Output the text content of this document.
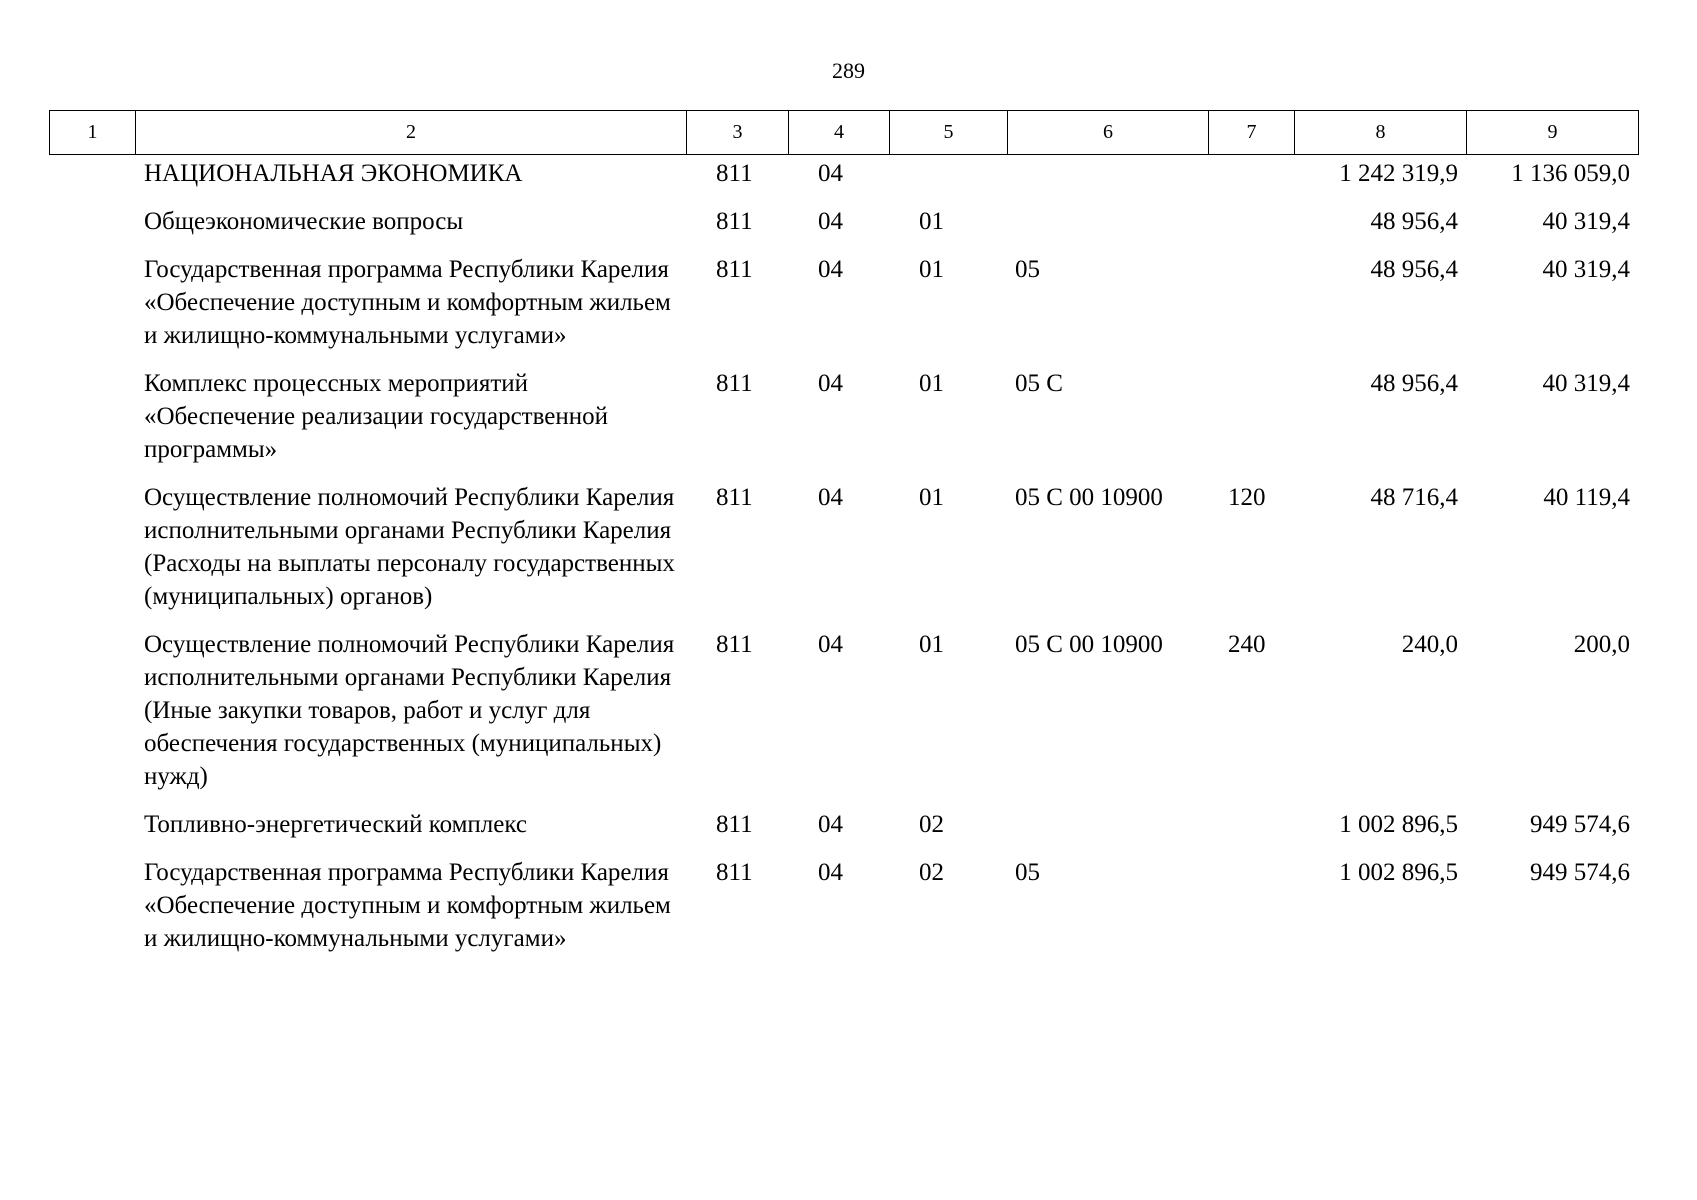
289
1	2	3	4	5	6	7	8	9
	НАЦИОНАЛЬНАЯ ЭКОНОМИКА	811	04				1 242 319,9	1 136 059,0
	Общеэкономические вопросы	811	04	01			48 956,4	40 319,4
	Государственная программа Республики Карелия «Обеспечение доступным и комфортным жильем и жилищно-коммунальными услугами»	811	04	01	05		48 956,4	40 319,4
	Комплекс процессных мероприятий «Обеспечение реализации государственной программы»	811	04	01	05 С		48 956,4	40 319,4
	Осуществление полномочий Республики Карелия исполнительными органами Республики Карелия (Расходы на выплаты персоналу государственных (муниципальных) органов)	811	04	01	05 С 00 10900	120	48 716,4	40 119,4
	Осуществление полномочий Республики Карелия исполнительными органами Республики Карелия (Иные закупки товаров, работ и услуг для обеспечения государственных (муниципальных) нужд)	811	04	01	05 С 00 10900	240	240,0	200,0
	Топливно-энергетический комплекс	811	04	02			1 002 896,5	949 574,6
	Государственная программа Республики Карелия «Обеспечение доступным и комфортным жильем и жилищно-коммунальными услугами»	811	04	02	05		1 002 896,5	949 574,6
